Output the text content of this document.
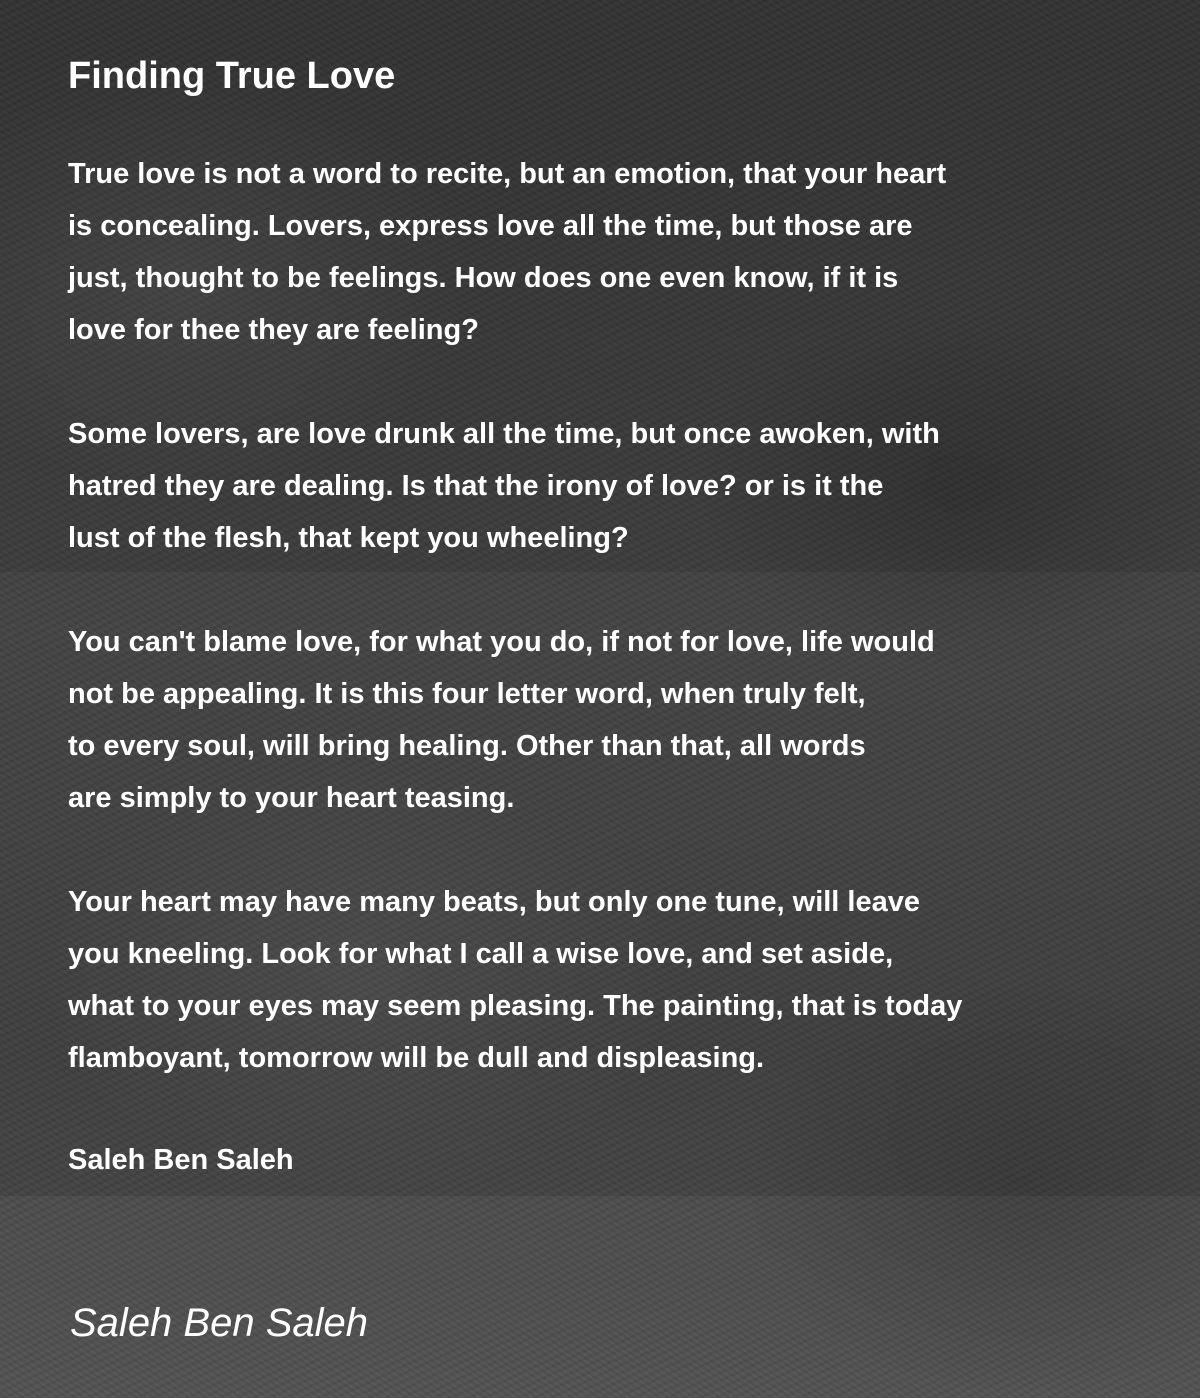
Finding True Love

True love is not a word to recite, but an emotion, that your heart
is concealing. Lovers, express love all the time, but those are
just, thought to be feelings. How does one even know, if it is
love for thee they are feeling?

Some lovers, are love drunk all the time, but once awoken, with
hatred they are dealing. Is that the irony of love? or is it the
lust of the flesh, that kept you wheeling?

You can't blame love, for what you do, if not for love, life would
not be appealing. It is this four letter word, when truly felt,
to every soul, will bring healing. Other than that, all words
are simply to your heart teasing.

Your heart may have many beats, but only one tune, will leave
you kneeling. Look for what I call a wise love, and set aside,
what to your eyes may seem pleasing. The painting, that is today
flamboyant, tomorrow will be dull and displeasing.

Saleh Ben Saleh
Saleh Ben Saleh
